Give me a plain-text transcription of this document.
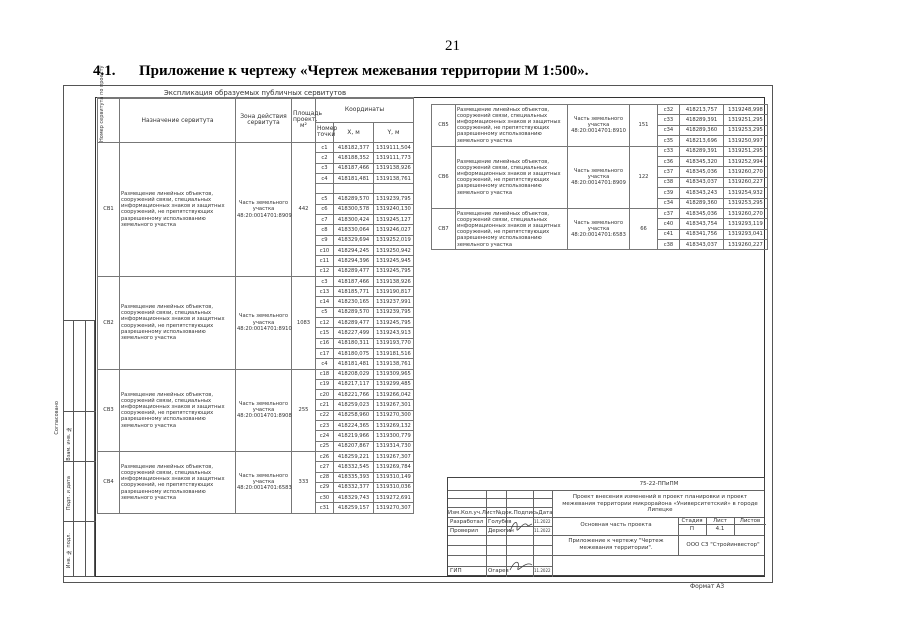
21
4.1. Приложение к чертежу «Чертеж межевания территории М 1:500».
Экспликация образуемых публичных сервитутов
Номер сервитута по проекту	Назначение сервитута	Зона действия сервитута	Площадь проект, м²	Координаты		
				Номер точки	X, м	Y, м
СВ1	Размещение линейных объектов, сооружений связи, специальных информационных знаков и защитных сооружений, не препятствующих разрешенному использованию земельного участка	Часть земельного участка 48:20:0014701:8909	442	с1	418182,377	1319111,504
				с2	418188,352	1319111,773
				с3	418187,466	1319138,926
				с4	418181,481	1319138,761

				с5	418289,570	1319239,795
				с6	418300,578	1319240,130
				с7	418300,424	1319245,127
				с8	418330,064	1319246,027
				с9	418329,694	1319252,019
				с10	418294,245	1319250,942
				с11	418294,396	1319245,945
				с12	418289,477	1319245,795
СВ2	Размещение линейных объектов, сооружений связи, специальных информационных знаков и защитных сооружений, не препятствующих разрешенному использованию земельного участка	Часть земельного участка 48:20:0014701:8910	1083	с3	418187,466	1319138,926
				с13	418185,771	1319190,817
				с14	418230,165	1319237,991
				с5	418289,570	1319239,795
				с12	418289,477	1319245,795
				с15	418227,499	1319243,913
				с16	418180,311	1319193,770
				с17	418180,075	1319181,516
				с4	418181,481	1319138,761
СВ3	Размещение линейных объектов, сооружений связи, специальных информационных знаков и защитных сооружений, не препятствующих разрешенному использованию земельного участка	Часть земельного участка 48:20:0014701:8908	255	с18	418208,029	1319309,965
				с19	418217,117	1319299,485
				с20	418221,766	1319266,042
				с21	418259,023	1319267,301
				с22	418258,960	1319270,300
				с23	418224,365	1319269,132
				с24	418219,966	1319300,779
				с25	418207,867	1319314,730
СВ4	Размещение линейных объектов, сооружений связи, специальных информационных знаков и защитных сооружений, не препятствующих разрешенному использованию земельного участка	Часть земельного участка 48:20:0014701:6583	333	с26	418259,221	1319267,307
				с27	418332,545	1319269,784
				с28	418335,393	1319310,149
				с29	418332,377	1319310,036
				с30	418329,743	1319272,691
				с31	418259,157	1319270,307
СВ5	Размещение линейных объектов, сооружений связи, специальных информационных знаков и защитных сооружений, не препятствующих разрешенному использованию земельного участка	Часть земельного участка 48:20:0014701:8910	151	с32	418213,757	1319248,998
				с33	418289,391	1319251,295
				с34	418289,360	1319253,295
				с35	418213,696	1319250,997
СВ6	Размещение линейных объектов, сооружений связи, специальных информационных знаков и защитных сооружений, не препятствующих разрешенному использованию земельного участка	Часть земельного участка 48:20:0014701:8909	122	с33	418289,391	1319251,295
				с36	418345,320	1319252,994
				с37	418345,036	1319260,270
				с38	418343,037	1319260,227
				с39	418343,243	1319254,932
				с34	418289,360	1319253,295
СВ7	Размещение линейных объектов, сооружений связи, специальных информационных знаков и защитных сооружений, не препятствующих разрешенному использованию земельного участка	Часть земельного участка 48:20:0014701:6583	66	с37	418345,036	1319260,270
				с40	418343,754	1319293,119
				с41	418341,756	1319293,041
				с38	418343,037	1319260,227
Согласовано
Взам. инв. №
Подп. и дата
Инв. № подл.
75-22-ППиПМ
Проект внесения изменений в проект планировки и проект межевания территории микрорайона «Университетский» в городе Липецке
Изм. Кол.уч. Лист №док. Подпись Дата
Разработал Голубев	11.2022
Проверил Дерюгин	11.2022
ГИП	Огарев	11.2022
Основная часть проекта
Стадия	Лист	Листов
П	4.1
Приложение к чертежу "Чертеж межевания территории".	ООО СЗ "Стройинвестор"
Формат А3
